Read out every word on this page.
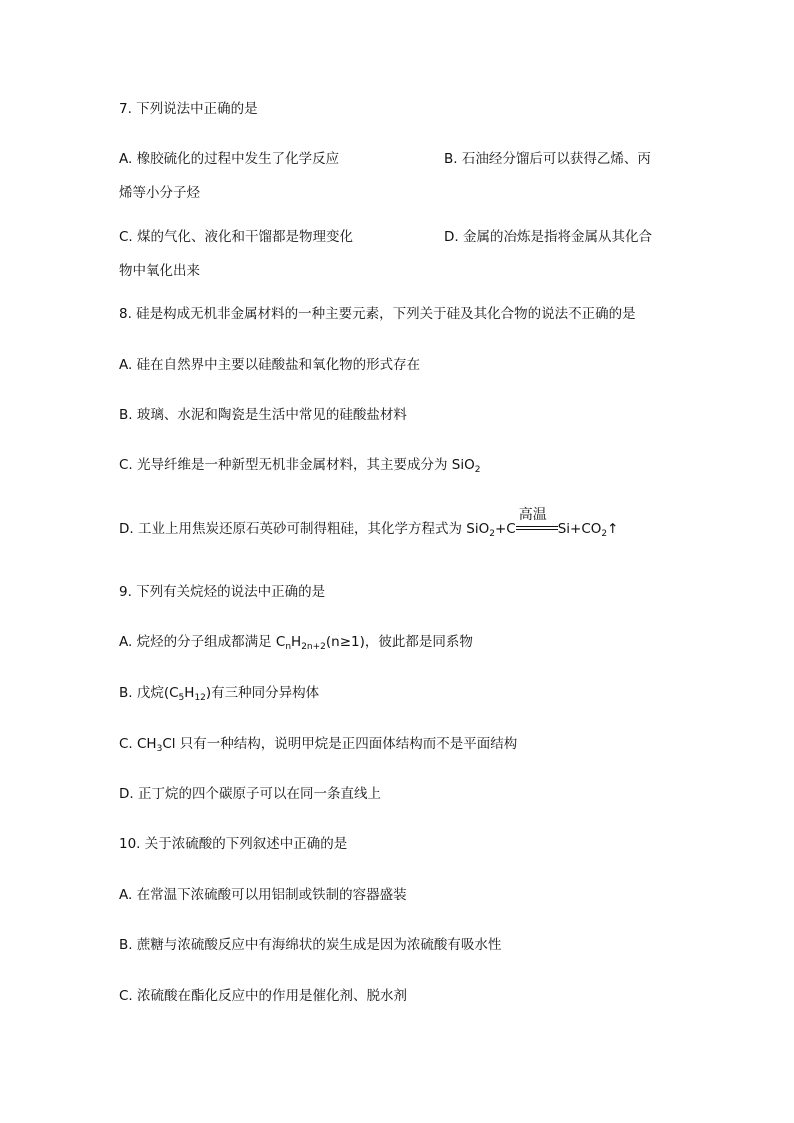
7. 下列说法中正确的是
A. 橡胶硫化的过程中发生了化学反应	B. 石油经分馏后可以获得乙烯、丙
烯等小分子烃
C. 煤的气化、液化和干馏都是物理变化	D. 金属的冶炼是指将金属从其化合
物中氧化出来
8. 硅是构成无机非金属材料的一种主要元素，下列关于硅及其化合物的说法不正确的是
A. 硅在自然界中主要以硅酸盐和氧化物的形式存在
B. 玻璃、水泥和陶瓷是生活中常见的硅酸盐材料
C. 光导纤维是一种新型无机非金属材料，其主要成分为 SiO$_2$
D. 工业上用焦炭还原石英砂可制得粗硅，其化学方程式为 SiO$_2$+C
高温
$Si+CO_2↑$
9. 下列有关烷烃的说法中正确的是
A. 烷烃的分子组成都满足 $C_nH_{2n+2}(n\ge 1)$，彼此都是同系物
B. 戊烷$(C_5H_{12})$有三种同分异构体
C. $CH_3Cl$ 只有一种结构，说明甲烷是正四面体结构而不是平面结构
D. 正丁烷的四个碳原子可以在同一条直线上
10. 关于浓硫酸的下列叙述中正确的是
A. 在常温下浓硫酸可以用铝制或铁制的容器盛装
B. 蔗糖与浓硫酸反应中有海绵状的炭生成是因为浓硫酸有吸水性
C. 浓硫酸在酯化反应中的作用是催化剂、脱水剂
